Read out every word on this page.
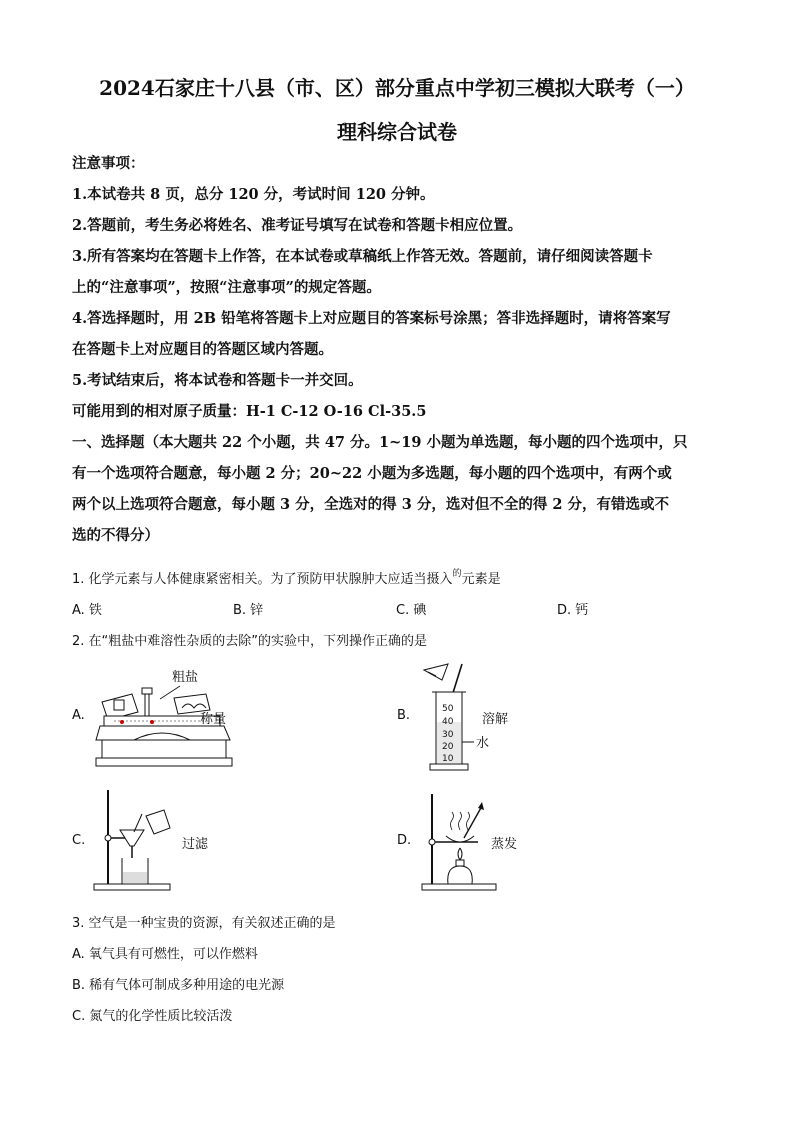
2024石家庄十八县（市、区）部分重点中学初三模拟大联考（一）
理科综合试卷
注意事项：
1.本试卷共 8 页，总分 120 分，考试时间 120 分钟。
2.答题前，考生务必将姓名、准考证号填写在试卷和答题卡相应位置。
3.所有答案均在答题卡上作答，在本试卷或草稿纸上作答无效。答题前，请仔细阅读答题卡
上的“注意事项”，按照“注意事项”的规定答题。
4.答选择题时，用 2B 铅笔将答题卡上对应题目的答案标号涂黑；答非选择题时，请将答案写
在答题卡上对应题目的答题区域内答题。
5.考试结束后，将本试卷和答题卡一并交回。
可能用到的相对原子质量：H-1 C-12 O-16 Cl-35.5
一、选择题（本大题共 22 个小题，共 47 分。1~19 小题为单选题，每小题的四个选项中，只
有一个选项符合题意，每小题 2 分；20~22 小题为多选题，每小题的四个选项中，有两个或
两个以上选项符合题意，每小题 3 分，全选对的得 3 分，选对但不全的得 2 分，有错选或不
选的不得分）
1. 化学元素与人体健康紧密相关。为了预防甲状腺肿大应适当摄入$^的$元素是
A. 铁	B. 锌	C. 碘	D. 钙
2. 在“粗盐中难溶性杂质的去除”的实验中，下列操作正确的是
A.	B.
C.	D.
粗盐
称量
50
40
30
20
10
水
溶解
过滤	蒸发
3. 空气是一种宝贵的资源，有关叙述正确的是
A. 氧气具有可燃性，可以作燃料
B. 稀有气体可制成多种用途的电光源
C. 氮气的化学性质比较活泼
